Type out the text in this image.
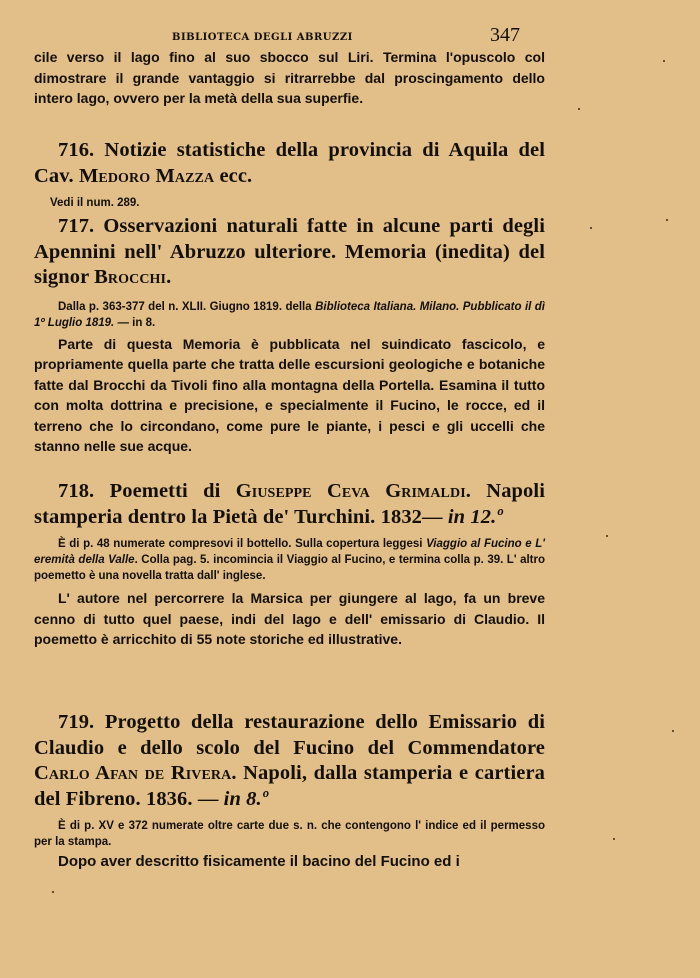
BIBLIOTECA DEGLI ABRUZZI	347

cile verso il lago fino al suo sbocco sul Liri. Termina l'opuscolo col dimostrare il grande vantaggio si ritrarrebbe dal proscingamento dello intero lago, ovvero per la metà della sua superfie.

716. Notizie statistiche della provincia di Aquila del Cav. Medoro Mazza ecc.

Vedi il num. 289.

717. Osservazioni naturali fatte in alcune parti degli Apennini nell' Abruzzo ulteriore. Memoria (inedita) del signor Brocchi.

Dalla p. 363-377 del n. XLII. Giugno 1819. della Biblioteca Italiana. Milano. Pubblicato il dì 1º Luglio 1819. — in 8.

Parte di questa Memoria è pubblicata nel suindicato fascicolo, e propriamente quella parte che tratta delle escursioni geologiche e botaniche fatte dal Brocchi da Tivoli fino alla montagna della Portella. Esamina il tutto con molta dottrina e precisione, e specialmente il Fucino, le rocce, ed il terreno che lo circondano, come pure le piante, i pesci e gli uccelli che stanno nelle sue acque.

718. Poemetti di Giuseppe Ceva Grimaldi. Napoli stamperia dentro la Pietà de' Turchini. 1832— in 12.º

È di p. 48 numerate compresovi il bottello. Sulla copertura leggesi Viaggio al Fucino e L' eremità della Valle. Colla pag. 5. incomincia il Viaggio al Fucino, e termina colla p. 39. L' altro poemetto è una novella tratta dall' inglese.

L' autore nel percorrere la Marsica per giungere al lago, fa un breve cenno di tutto quel paese, indi del lago e dell' emissario di Claudio. Il poemetto è arricchito di 55 note storiche ed illustrative.

719. Progetto della restaurazione dello Emissario di Claudio e dello scolo del Fucino del Commendatore Carlo Afan de Rivera. Napoli, dalla stamperia e cartiera del Fibreno. 1836. — in 8.º

È di p. XV e 372 numerate oltre carte due s. n. che contengono l' indice ed il permesso per la stampa.

Dopo aver descritto fisicamente il bacino del Fucino ed i
